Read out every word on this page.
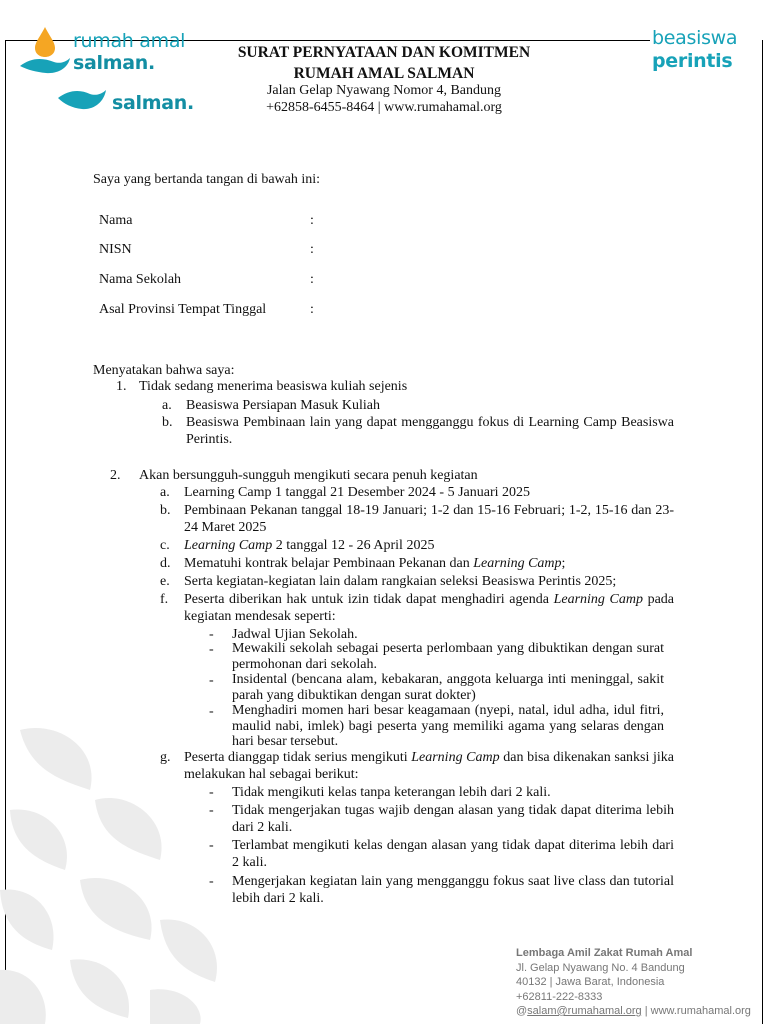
rumah amal
salman.
salman.
beasiswa
perintis
SURAT PERNYATAAN DAN KOMITMEN
RUMAH AMAL SALMAN
Jalan Gelap Nyawang Nomor 4, Bandung
+62858-6455-8464 | www.rumahamal.org
Saya yang bertanda tangan di bawah ini:
Nama	:
NISN	:
Nama Sekolah	:
Asal Provinsi Tempat Tinggal	:
Menyatakan bahwa saya:
1. Tidak sedang menerima beasiswa kuliah sejenis
a. Beasiswa Persiapan Masuk Kuliah
b. Beasiswa Pembinaan lain yang dapat mengganggu fokus di Learning Camp Beasiswa Perintis.
2. Akan bersungguh-sungguh mengikuti secara penuh kegiatan
a. Learning Camp 1 tanggal 21 Desember 2024 - 5 Januari 2025
b. Pembinaan Pekanan tanggal 18-19 Januari; 1-2 dan 15-16 Februari; 1-2, 15-16 dan 23-24 Maret 2025
c. Learning Camp 2 tanggal 12 - 26 April 2025
d. Mematuhi kontrak belajar Pembinaan Pekanan dan Learning Camp;
e. Serta kegiatan-kegiatan lain dalam rangkaian seleksi Beasiswa Perintis 2025;
f. Peserta diberikan hak untuk izin tidak dapat menghadiri agenda Learning Camp pada kegiatan mendesak seperti:
- Jadwal Ujian Sekolah.
- Mewakili sekolah sebagai peserta perlombaan yang dibuktikan dengan surat permohonan dari sekolah.
- Insidental (bencana alam, kebakaran, anggota keluarga inti meninggal, sakit parah yang dibuktikan dengan surat dokter)
- Menghadiri momen hari besar keagamaan (nyepi, natal, idul adha, idul fitri, maulid nabi, imlek) bagi peserta yang memiliki agama yang selaras dengan hari besar tersebut.
g. Peserta dianggap tidak serius mengikuti Learning Camp dan bisa dikenakan sanksi jika melakukan hal sebagai berikut:
- Tidak mengikuti kelas tanpa keterangan lebih dari 2 kali.
- Tidak mengerjakan tugas wajib dengan alasan yang tidak dapat diterima lebih dari 2 kali.
- Terlambat mengikuti kelas dengan alasan yang tidak dapat diterima lebih dari 2 kali.
- Mengerjakan kegiatan lain yang mengganggu fokus saat live class dan tutorial lebih dari 2 kali.
Lembaga Amil Zakat Rumah Amal
Jl. Gelap Nyawang No. 4 Bandung
40132 | Jawa Barat, Indonesia
+62811-222-8333
@salam@rumahamal.org | www.rumahamal.org
